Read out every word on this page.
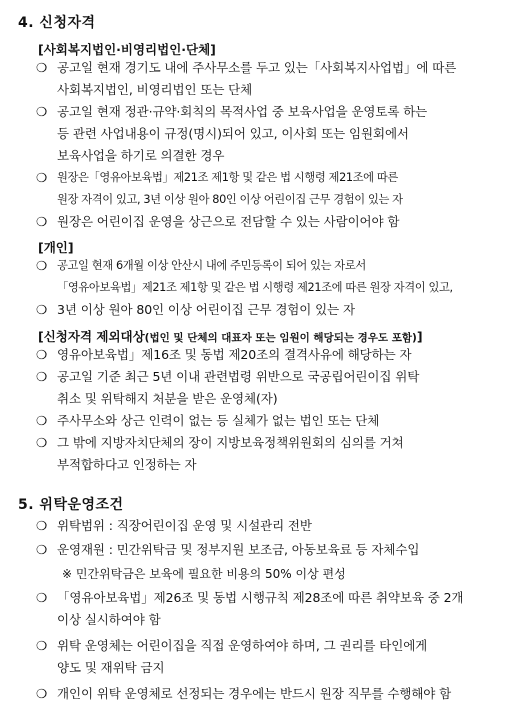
4. 신청자격
[사회복지법인·비영리법인·단체]
❍ 공고일 현재 경기도 내에 주사무소를 두고 있는「사회복지사업법」에 따른
사회복지법인, 비영리법인 또는 단체
❍ 공고일 현재 정관·규약·회칙의 목적사업 중 보육사업을 운영토록 하는
등 관련 사업내용이 규정(명시)되어 있고, 이사회 또는 임원회에서
보육사업을 하기로 의결한 경우
❍ 원장은「영유아보육법」제21조 제1항 및 같은 법 시행령 제21조에 따른
원장 자격이 있고, 3년 이상 원아 80인 이상 어린이집 근무 경험이 있는 자
❍ 원장은 어린이집 운영을 상근으로 전담할 수 있는 사람이어야 함
[개인]
❍ 공고일 현재 6개월 이상 안산시 내에 주민등록이 되어 있는 자로서
「영유아보육법」제21조 제1항 및 같은 법 시행령 제21조에 따른 원장 자격이 있고,
❍ 3년 이상 원아 80인 이상 어린이집 근무 경험이 있는 자
[신청자격 제외대상(법인 및 단체의 대표자 또는 임원이 해당되는 경우도 포함)]
❍ 영유아보육법」제16조 및 동법 제20조의 결격사유에 해당하는 자
❍ 공고일 기준 최근 5년 이내 관련법령 위반으로 국공립어린이집 위탁
취소 및 위탁해지 처분을 받은 운영체(자)
❍ 주사무소와 상근 인력이 없는 등 실체가 없는 법인 또는 단체
❍ 그 밖에 지방자치단체의 장이 지방보육정책위원회의 심의를 거쳐
부적합하다고 인정하는 자
5. 위탁운영조건
❍ 위탁범위 : 직장어린이집 운영 및 시설관리 전반
❍ 운영재원 : 민간위탁금 및 정부지원 보조금, 아동보육료 등 자체수입
※ 민간위탁금은 보육에 필요한 비용의 50% 이상 편성
❍ 「영유아보육법」제26조 및 동법 시행규칙 제28조에 따른 취약보육 중 2개
이상 실시하여야 함
❍ 위탁 운영체는 어린이집을 직접 운영하여야 하며, 그 권리를 타인에게
양도 및 재위탁 금지
❍ 개인이 위탁 운영체로 선정되는 경우에는 반드시 원장 직무를 수행해야 함
